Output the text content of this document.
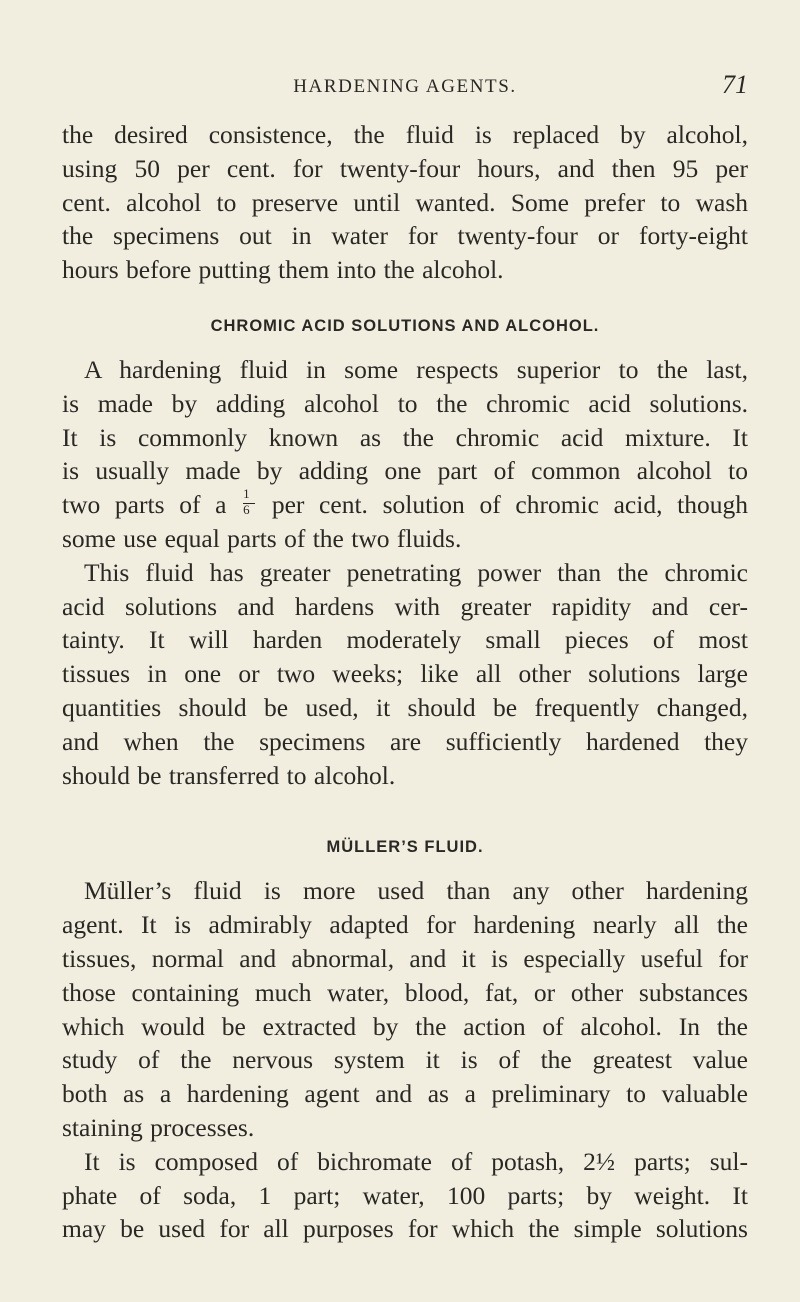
HARDENING AGENTS.	71
the desired consistence, the fluid is replaced by alcohol,
using 50 per cent. for twenty-four hours, and then 95 per
cent. alcohol to preserve until wanted. Some prefer to wash
the specimens out in water for twenty-four or forty-eight
hours before putting them into the alcohol.
CHROMIC ACID SOLUTIONS AND ALCOHOL.
A hardening fluid in some respects superior to the last,
is made by adding alcohol to the chromic acid solutions.
It is commonly known as the chromic acid mixture. It
is usually made by adding one part of common alcohol to
two parts of a $\frac{1}{6}$ per cent. solution of chromic acid, though
some use equal parts of the two fluids.
This fluid has greater penetrating power than the chromic
acid solutions and hardens with greater rapidity and cer-
tainty. It will harden moderately small pieces of most
tissues in one or two weeks; like all other solutions large
quantities should be used, it should be frequently changed,
and when the specimens are sufficiently hardened they
should be transferred to alcohol.
MÜLLER’S FLUID.
Müller’s fluid is more used than any other hardening
agent. It is admirably adapted for hardening nearly all the
tissues, normal and abnormal, and it is especially useful for
those containing much water, blood, fat, or other substances
which would be extracted by the action of alcohol. In the
study of the nervous system it is of the greatest value
both as a hardening agent and as a preliminary to valuable
staining processes.
It is composed of bichromate of potash, 2½ parts; sul-
phate of soda, 1 part; water, 100 parts; by weight. It
may be used for all purposes for which the simple solutions
